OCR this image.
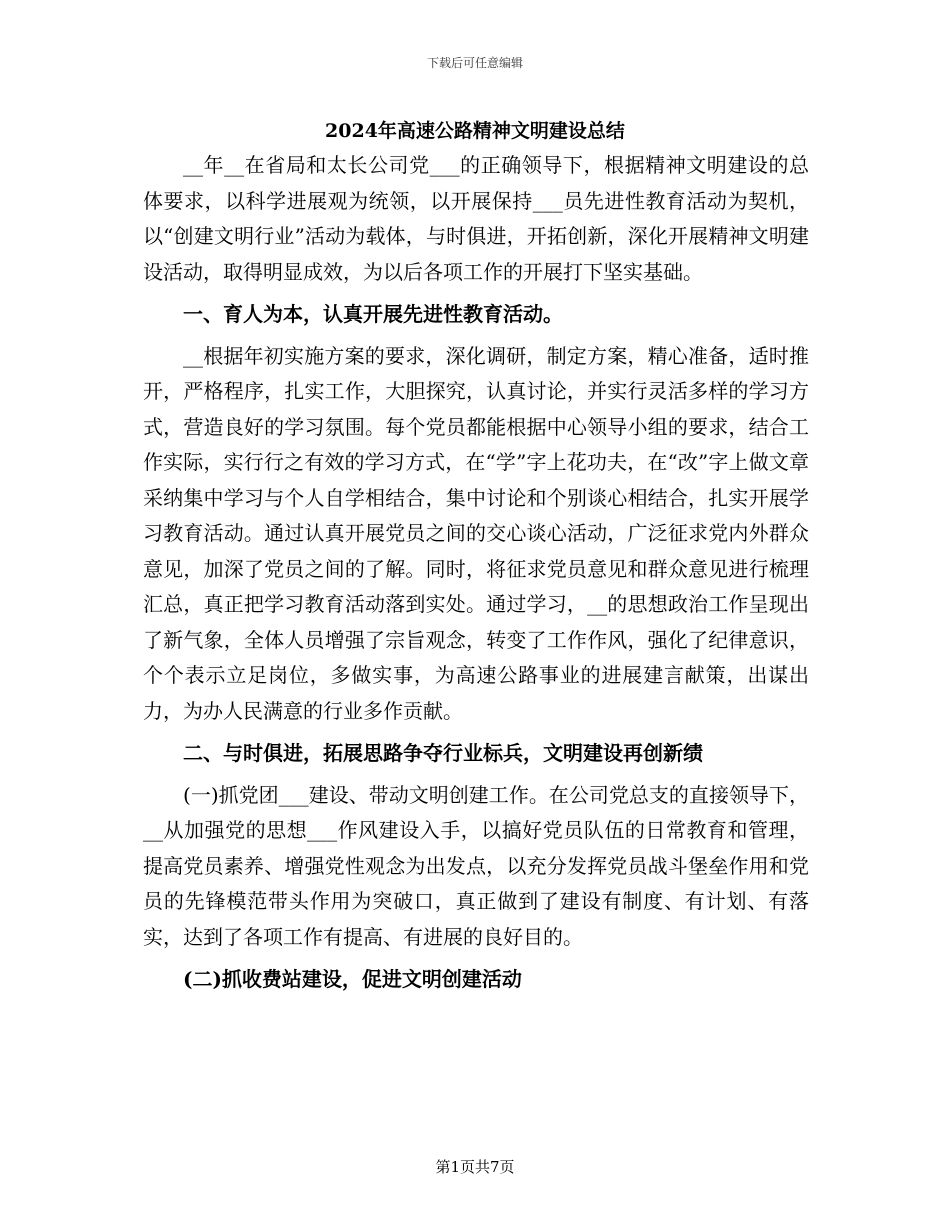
下载后可任意编辑
2024年高速公路精神文明建设总结

__年__在省局和太长公司党___的正确领导下，根据精神文明建设的总体要求，以科学进展观为统领，以开展保持___员先进性教育活动为契机，以“创建文明行业”活动为载体，与时俱进，开拓创新，深化开展精神文明建设活动，取得明显成效，为以后各项工作的开展打下坚实基础。

一、育人为本，认真开展先进性教育活动。

__根据年初实施方案的要求，深化调研，制定方案，精心准备，适时推开，严格程序，扎实工作，大胆探究，认真讨论，并实行灵活多样的学习方式，营造良好的学习氛围。每个党员都能根据中心领导小组的要求，结合工作实际，实行行之有效的学习方式，在“学”字上花功夫，在“改”字上做文章采纳集中学习与个人自学相结合，集中讨论和个别谈心相结合，扎实开展学习教育活动。通过认真开展党员之间的交心谈心活动，广泛征求党内外群众意见，加深了党员之间的了解。同时，将征求党员意见和群众意见进行梳理汇总，真正把学习教育活动落到实处。通过学习，__的思想政治工作呈现出了新气象，全体人员增强了宗旨观念，转变了工作作风，强化了纪律意识，个个表示立足岗位，多做实事，为高速公路事业的进展建言献策，出谋出力，为办人民满意的行业多作贡献。

二、与时俱进，拓展思路争夺行业标兵，文明建设再创新绩

(一)抓党团___建设、带动文明创建工作。在公司党总支的直接领导下，__从加强党的思想___作风建设入手，以搞好党员队伍的日常教育和管理，提高党员素养、增强党性观念为出发点，以充分发挥党员战斗堡垒作用和党员的先锋模范带头作用为突破口，真正做到了建设有制度、有计划、有落实，达到了各项工作有提高、有进展的良好目的。

(二)抓收费站建设，促进文明创建活动

第1页共7页
